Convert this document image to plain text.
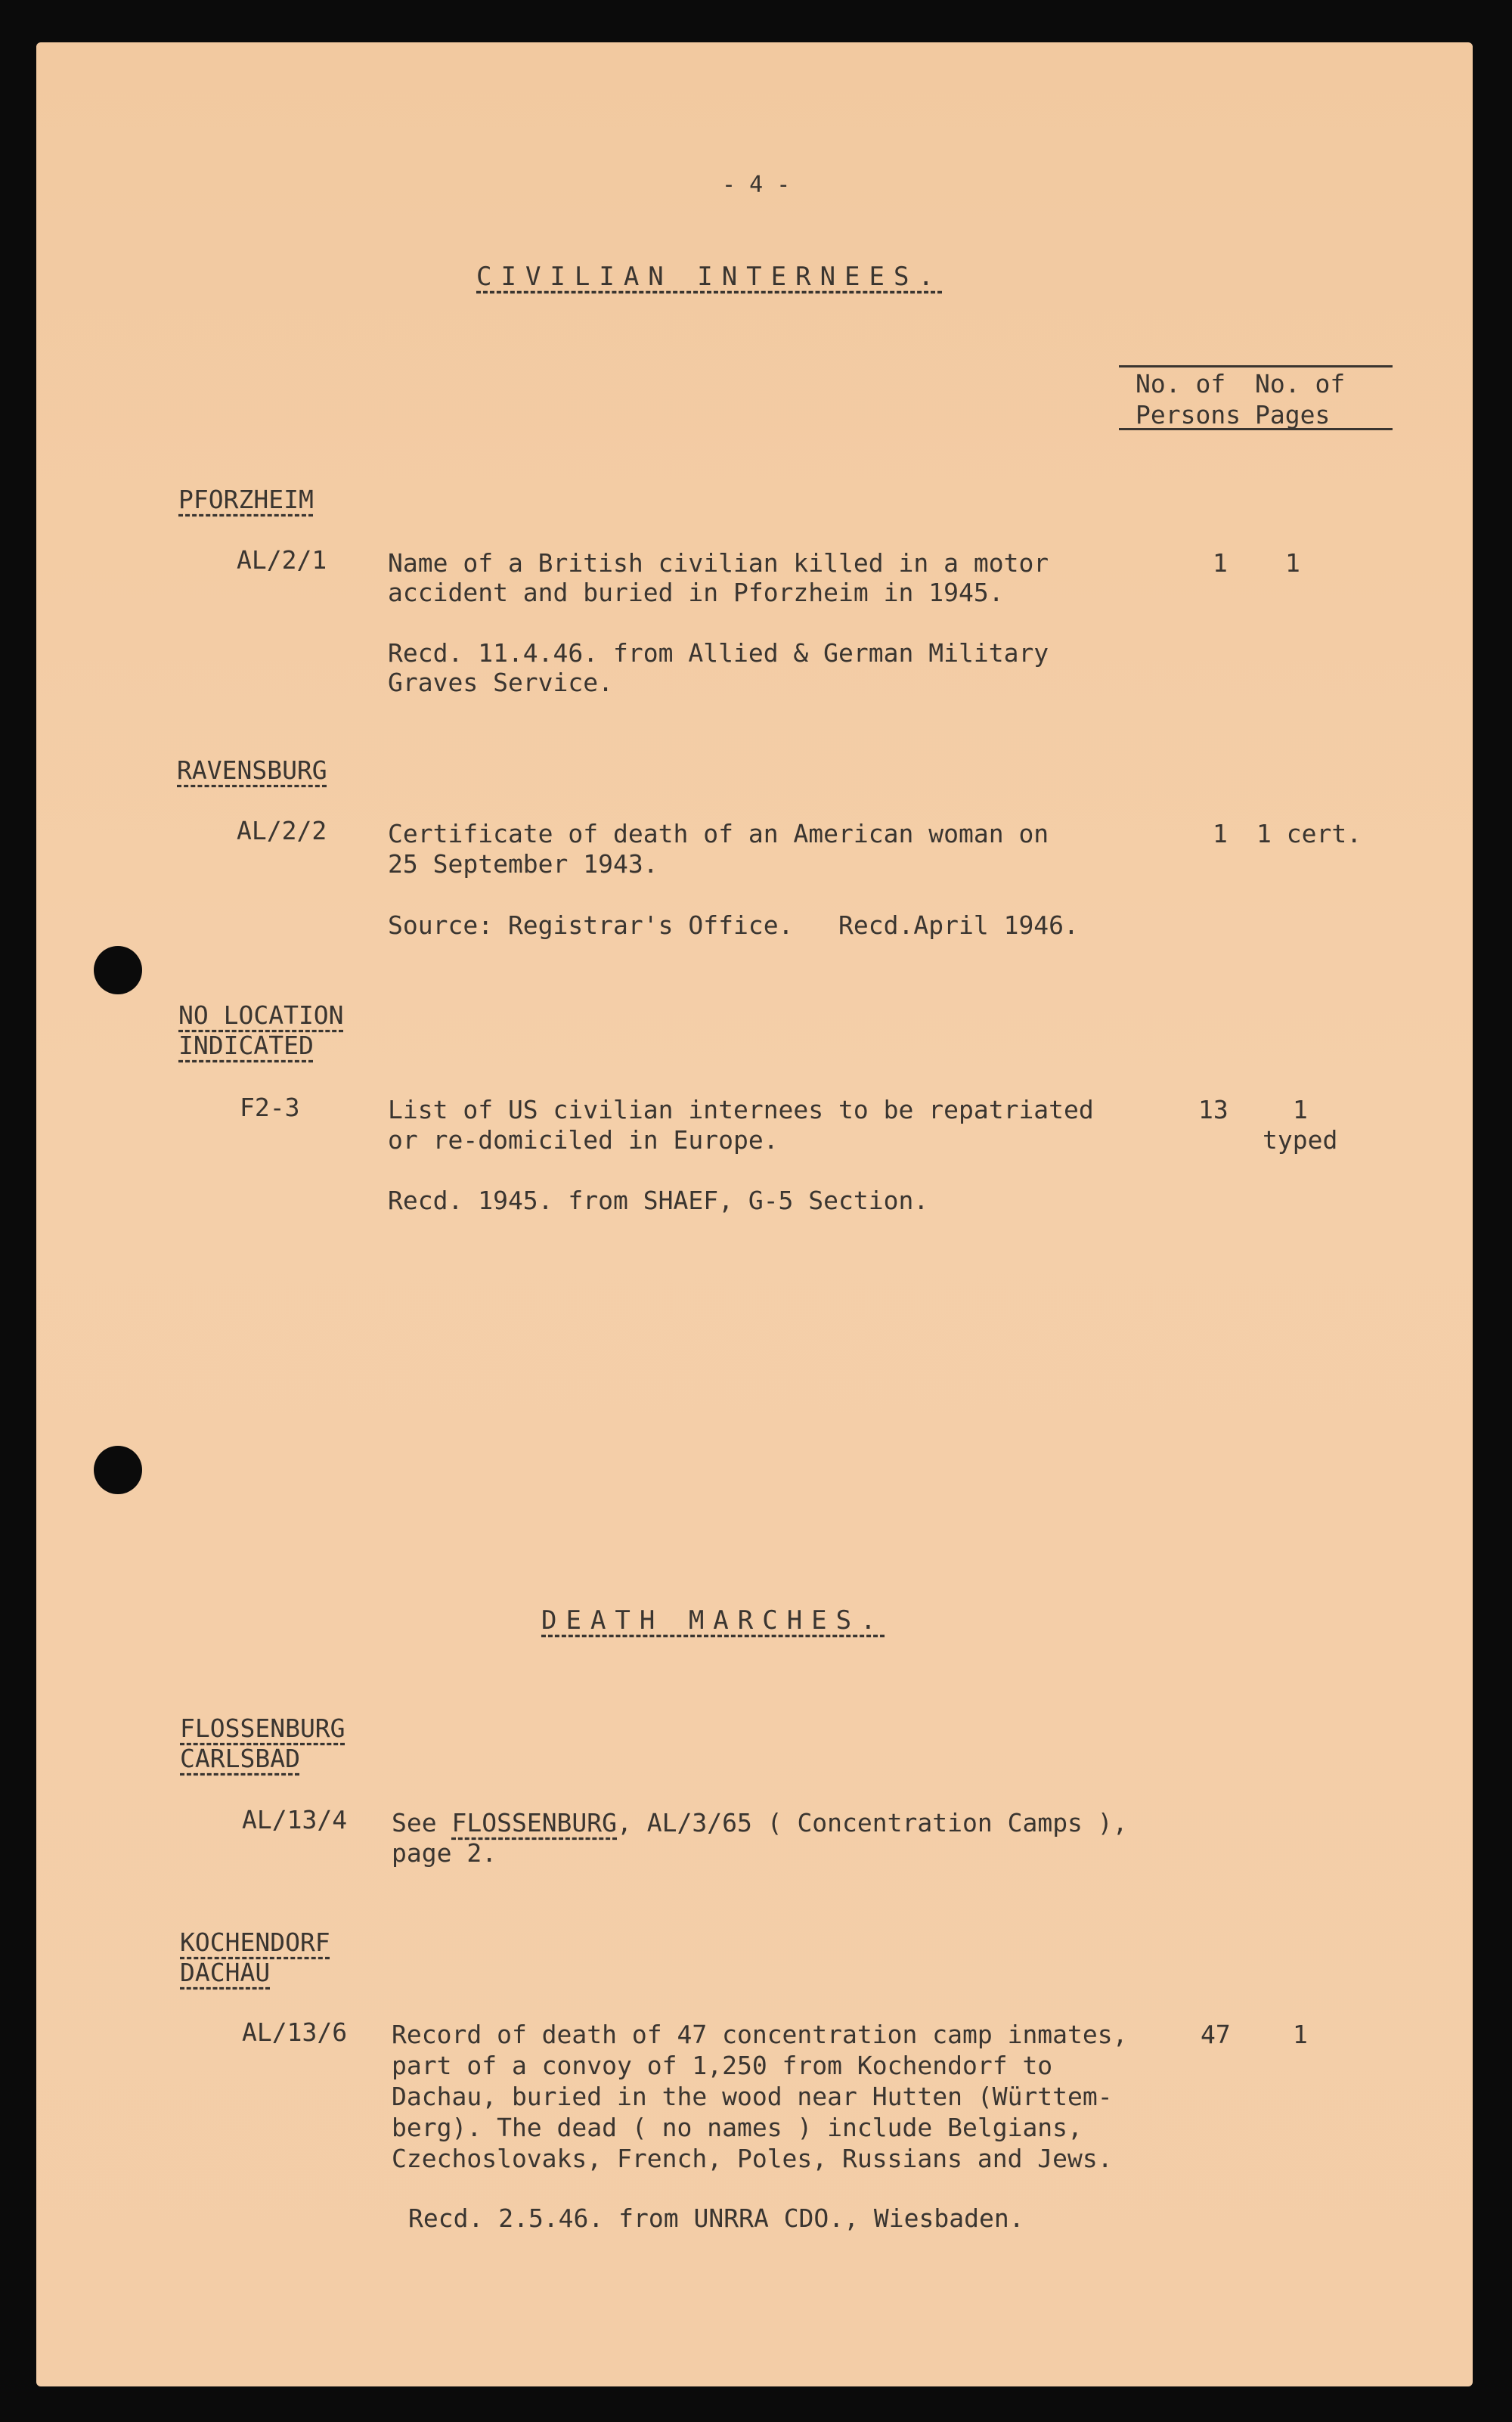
- 4 -
CIVILIAN INTERNEES.
No. of No. of
Persons Pages
PFORZHEIM
AL/2/1 Name of a British civilian killed in a motor
accident and buried in Pforzheim in 1945.
Recd. 11.4.46. from Allied & German Military
Graves Service.
1 1
RAVENSBURG
AL/2/2 Certificate of death of an American woman on
25 September 1943.
Source: Registrar's Office.   Recd.April 1946.
1 1 cert.
NO LOCATION
INDICATED
F2-3	List of US civilian internees to be repatriated
or re-domiciled in Europe.
Recd. 1945. from SHAEF, G-5 Section.
13	1
typed
DEATH MARCHES.
FLOSSENBURG
CARLSBAD
AL/13/4 See FLOSSENBURG, AL/3/65 ( Concentration Camps ),
page 2.
KOCHENDORF
DACHAU
AL/13/6 Record of death of 47 concentration camp inmates,
part of a convoy of 1,250 from Kochendorf to
Dachau, buried in the wood near Hutten (Württem-
berg). The dead ( no names ) include Belgians,
Czechoslovaks, French, Poles, Russians and Jews.
Recd. 2.5.46. from UNRRA CDO., Wiesbaden.
47 1
